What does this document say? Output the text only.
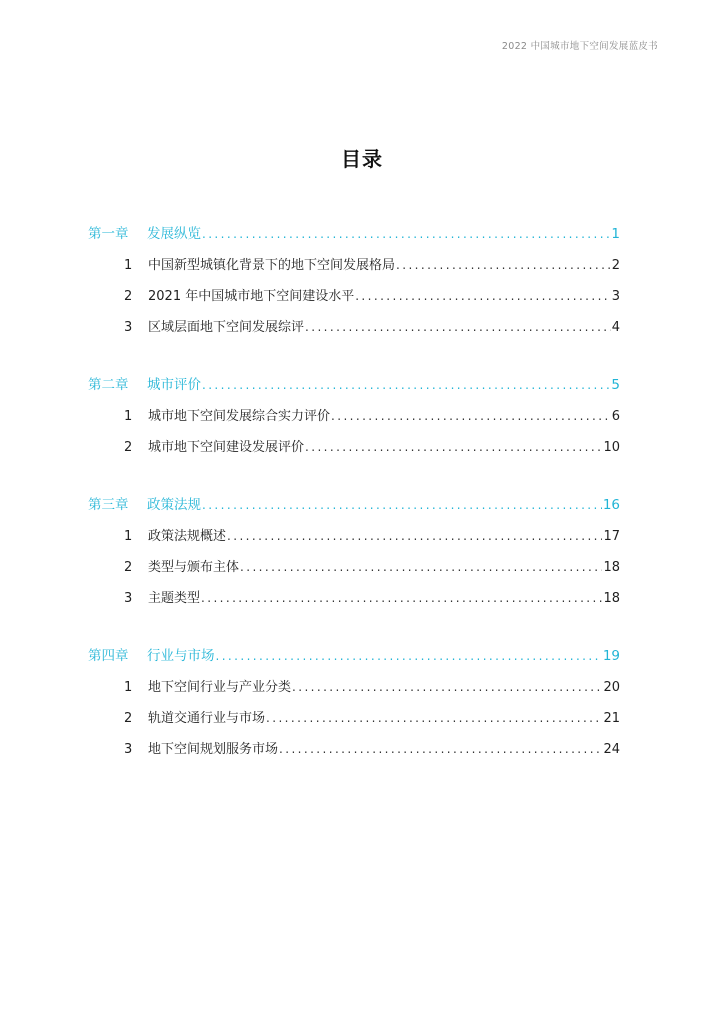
2022 中国城市地下空间发展蓝皮书
目录
第一章	发展纵览 .....	1
1	中国新型城镇化背景下的地下空间发展格局 .....	2
2	2021 年中国城市地下空间建设水平 .....	3
3	区域层面地下空间发展综评 .....	4
第二章	城市评价 .....	5
1	城市地下空间发展综合实力评价 .....	6
2	城市地下空间建设发展评价 .....	10
第三章	政策法规 .....	16
1	政策法规概述 .....	17
2	类型与颁布主体 .....	18
3	主题类型 .....	18
第四章	行业与市场 .....	19
1	地下空间行业与产业分类 .....	20
2	轨道交通行业与市场 .....	21
3	地下空间规划服务市场 .....	24
